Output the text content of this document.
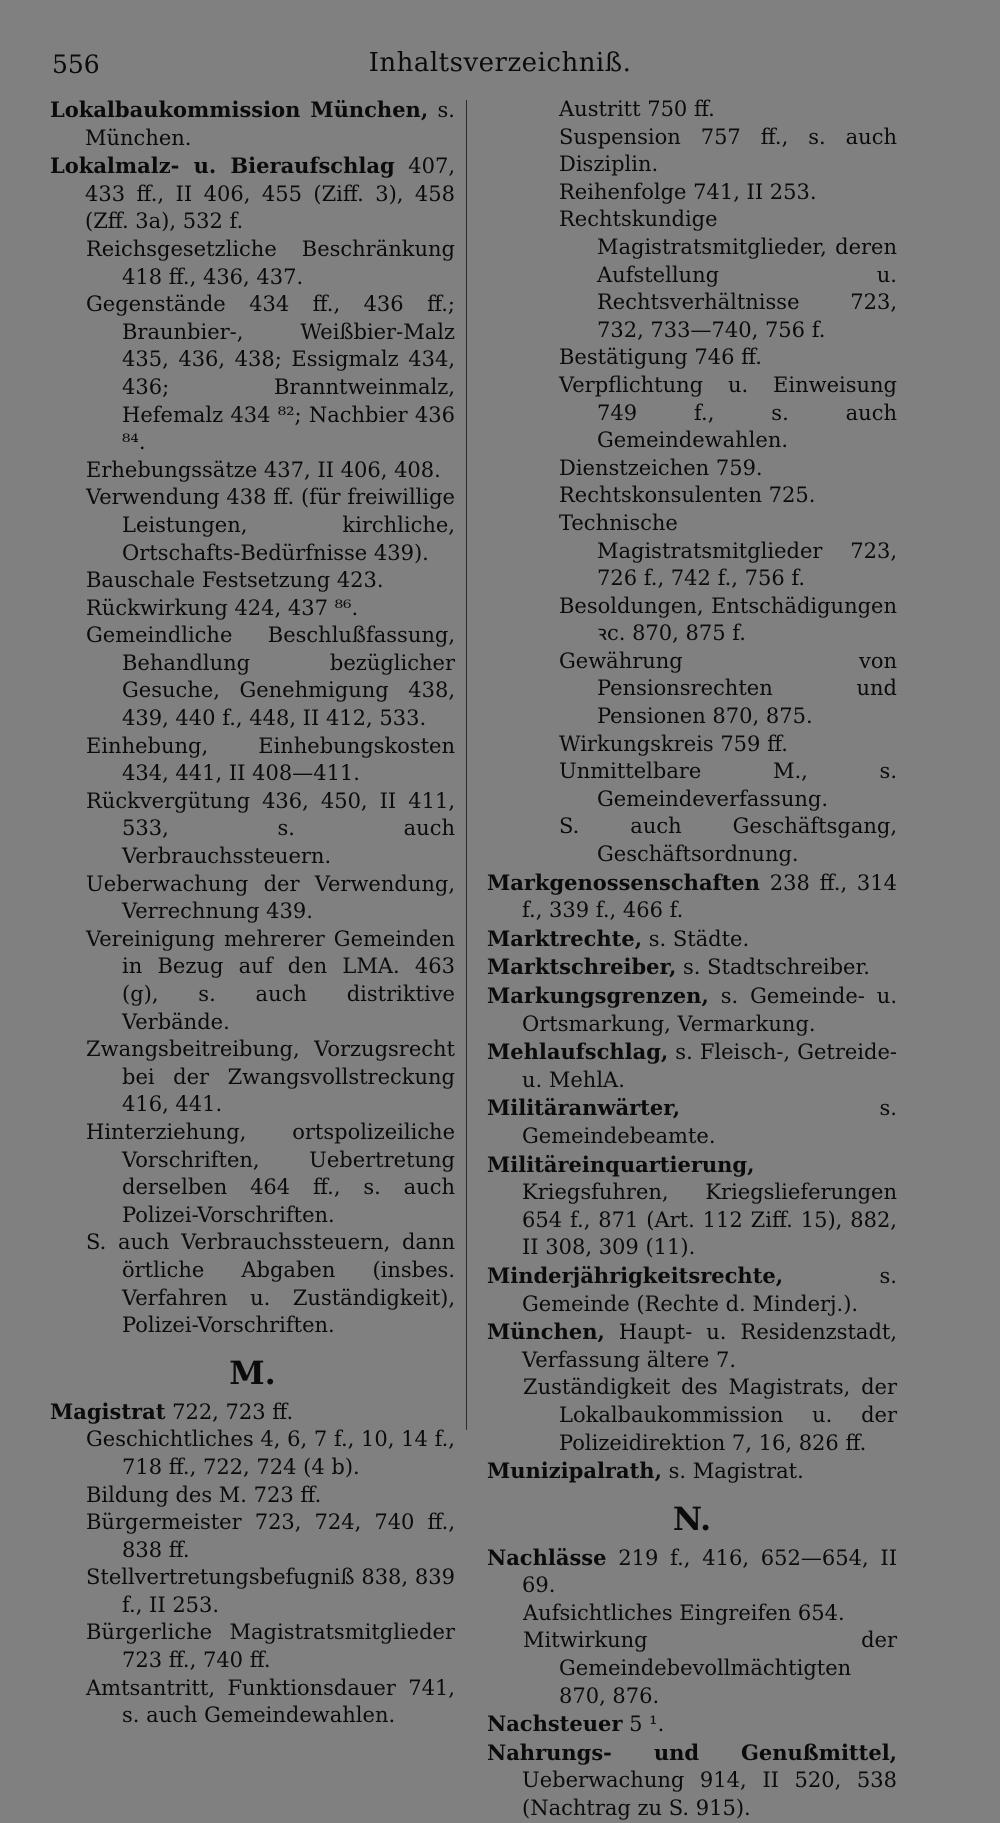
556	Inhaltsverzeichniß.
Lokalbaukommission München, s. München.
Lokalmalz- u. Bieraufschlag 407, 433 ff., II 406, 455 (Ziff. 3), 458 (Zff. 3a), 532 f.
Reichsgesetzliche Beschränkung 418 ff., 436, 437.
Gegenstände 434 ff., 436 ff.; Braunbier-, Weißbier-Malz 435, 436, 438; Essigmalz 434, 436; Branntweinmalz, Hefemalz 434 ⁸²; Nachbier 436 ⁸⁴.
Erhebungssätze 437, II 406, 408.
Verwendung 438 ff. (für freiwillige Leistungen, kirchliche, Ortschafts-Bedürfnisse 439).
Bauschale Festsetzung 423.
Rückwirkung 424, 437 ⁸⁶.
Gemeindliche Beschlußfassung, Behandlung bezüglicher Gesuche, Genehmigung 438, 439, 440 f., 448, II 412, 533.
Einhebung, Einhebungskosten 434, 441, II 408—411.
Rückvergütung 436, 450, II 411, 533, s. auch Verbrauchssteuern.
Ueberwachung der Verwendung, Verrechnung 439.
Vereinigung mehrerer Gemeinden in Bezug auf den LMA. 463 (g), s. auch distriktive Verbände.
Zwangsbeitreibung, Vorzugsrecht bei der Zwangsvollstreckung 416, 441.
Hinterziehung, ortspolizeiliche Vorschriften, Uebertretung derselben 464 ff., s. auch Polizei-Vorschriften.
S. auch Verbrauchssteuern, dann örtliche Abgaben (insbes. Verfahren u. Zuständigkeit), Polizei-Vorschriften.
M.
Magistrat 722, 723 ff.
Geschichtliches 4, 6, 7 f., 10, 14 f., 718 ff., 722, 724 (4 b).
Bildung des M. 723 ff.
Bürgermeister 723, 724, 740 ff., 838 ff.
Stellvertretungsbefugniß 838, 839 f., II 253.
Bürgerliche Magistratsmitglieder 723 ff., 740 ff.
Amtsantritt, Funktionsdauer 741, s. auch Gemeindewahlen.
Austritt 750 ff.
Suspension 757 ff., s. auch Disziplin.
Reihenfolge 741, II 253.
Rechtskundige Magistratsmitglieder, deren Aufstellung u. Rechtsverhältnisse 723, 732, 733—740, 756 f.
Bestätigung 746 ff.
Verpflichtung u. Einweisung 749 f., s. auch Gemeindewahlen.
Dienstzeichen 759.
Rechtskonsulenten 725.
Technische Magistratsmitglieder 723, 726 f., 742 f., 756 f.
Besoldungen, Entschädigungen ꝛc. 870, 875 f.
Gewährung von Pensionsrechten und Pensionen 870, 875.
Wirkungskreis 759 ff.
Unmittelbare M., s. Gemeindeverfassung.
S. auch Geschäftsgang, Geschäftsordnung.
Markgenossenschaften 238 ff., 314 f., 339 f., 466 f.
Marktrechte, s. Städte.
Marktschreiber, s. Stadtschreiber.
Markungsgrenzen, s. Gemeinde- u. Ortsmarkung, Vermarkung.
Mehlaufschlag, s. Fleisch-, Getreide- u. MehlA.
Militäranwärter, s. Gemeindebeamte.
Militäreinquartierung, Kriegsfuhren, Kriegslieferungen 654 f., 871 (Art. 112 Ziff. 15), 882, II 308, 309 (11).
Minderjährigkeitsrechte, s. Gemeinde (Rechte d. Minderj.).
München, Haupt- u. Residenzstadt, Verfassung ältere 7.
Zuständigkeit des Magistrats, der Lokalbaukommission u. der Polizeidirektion 7, 16, 826 ff.
Munizipalrath, s. Magistrat.
N.
Nachlässe 219 f., 416, 652—654, II 69.
Aufsichtliches Eingreifen 654.
Mitwirkung der Gemeindebevollmächtigten 870, 876.
Nachsteuer 5 ¹.
Nahrungs- und Genußmittel, Ueberwachung 914, II 520, 538 (Nachtrag zu S. 915).
